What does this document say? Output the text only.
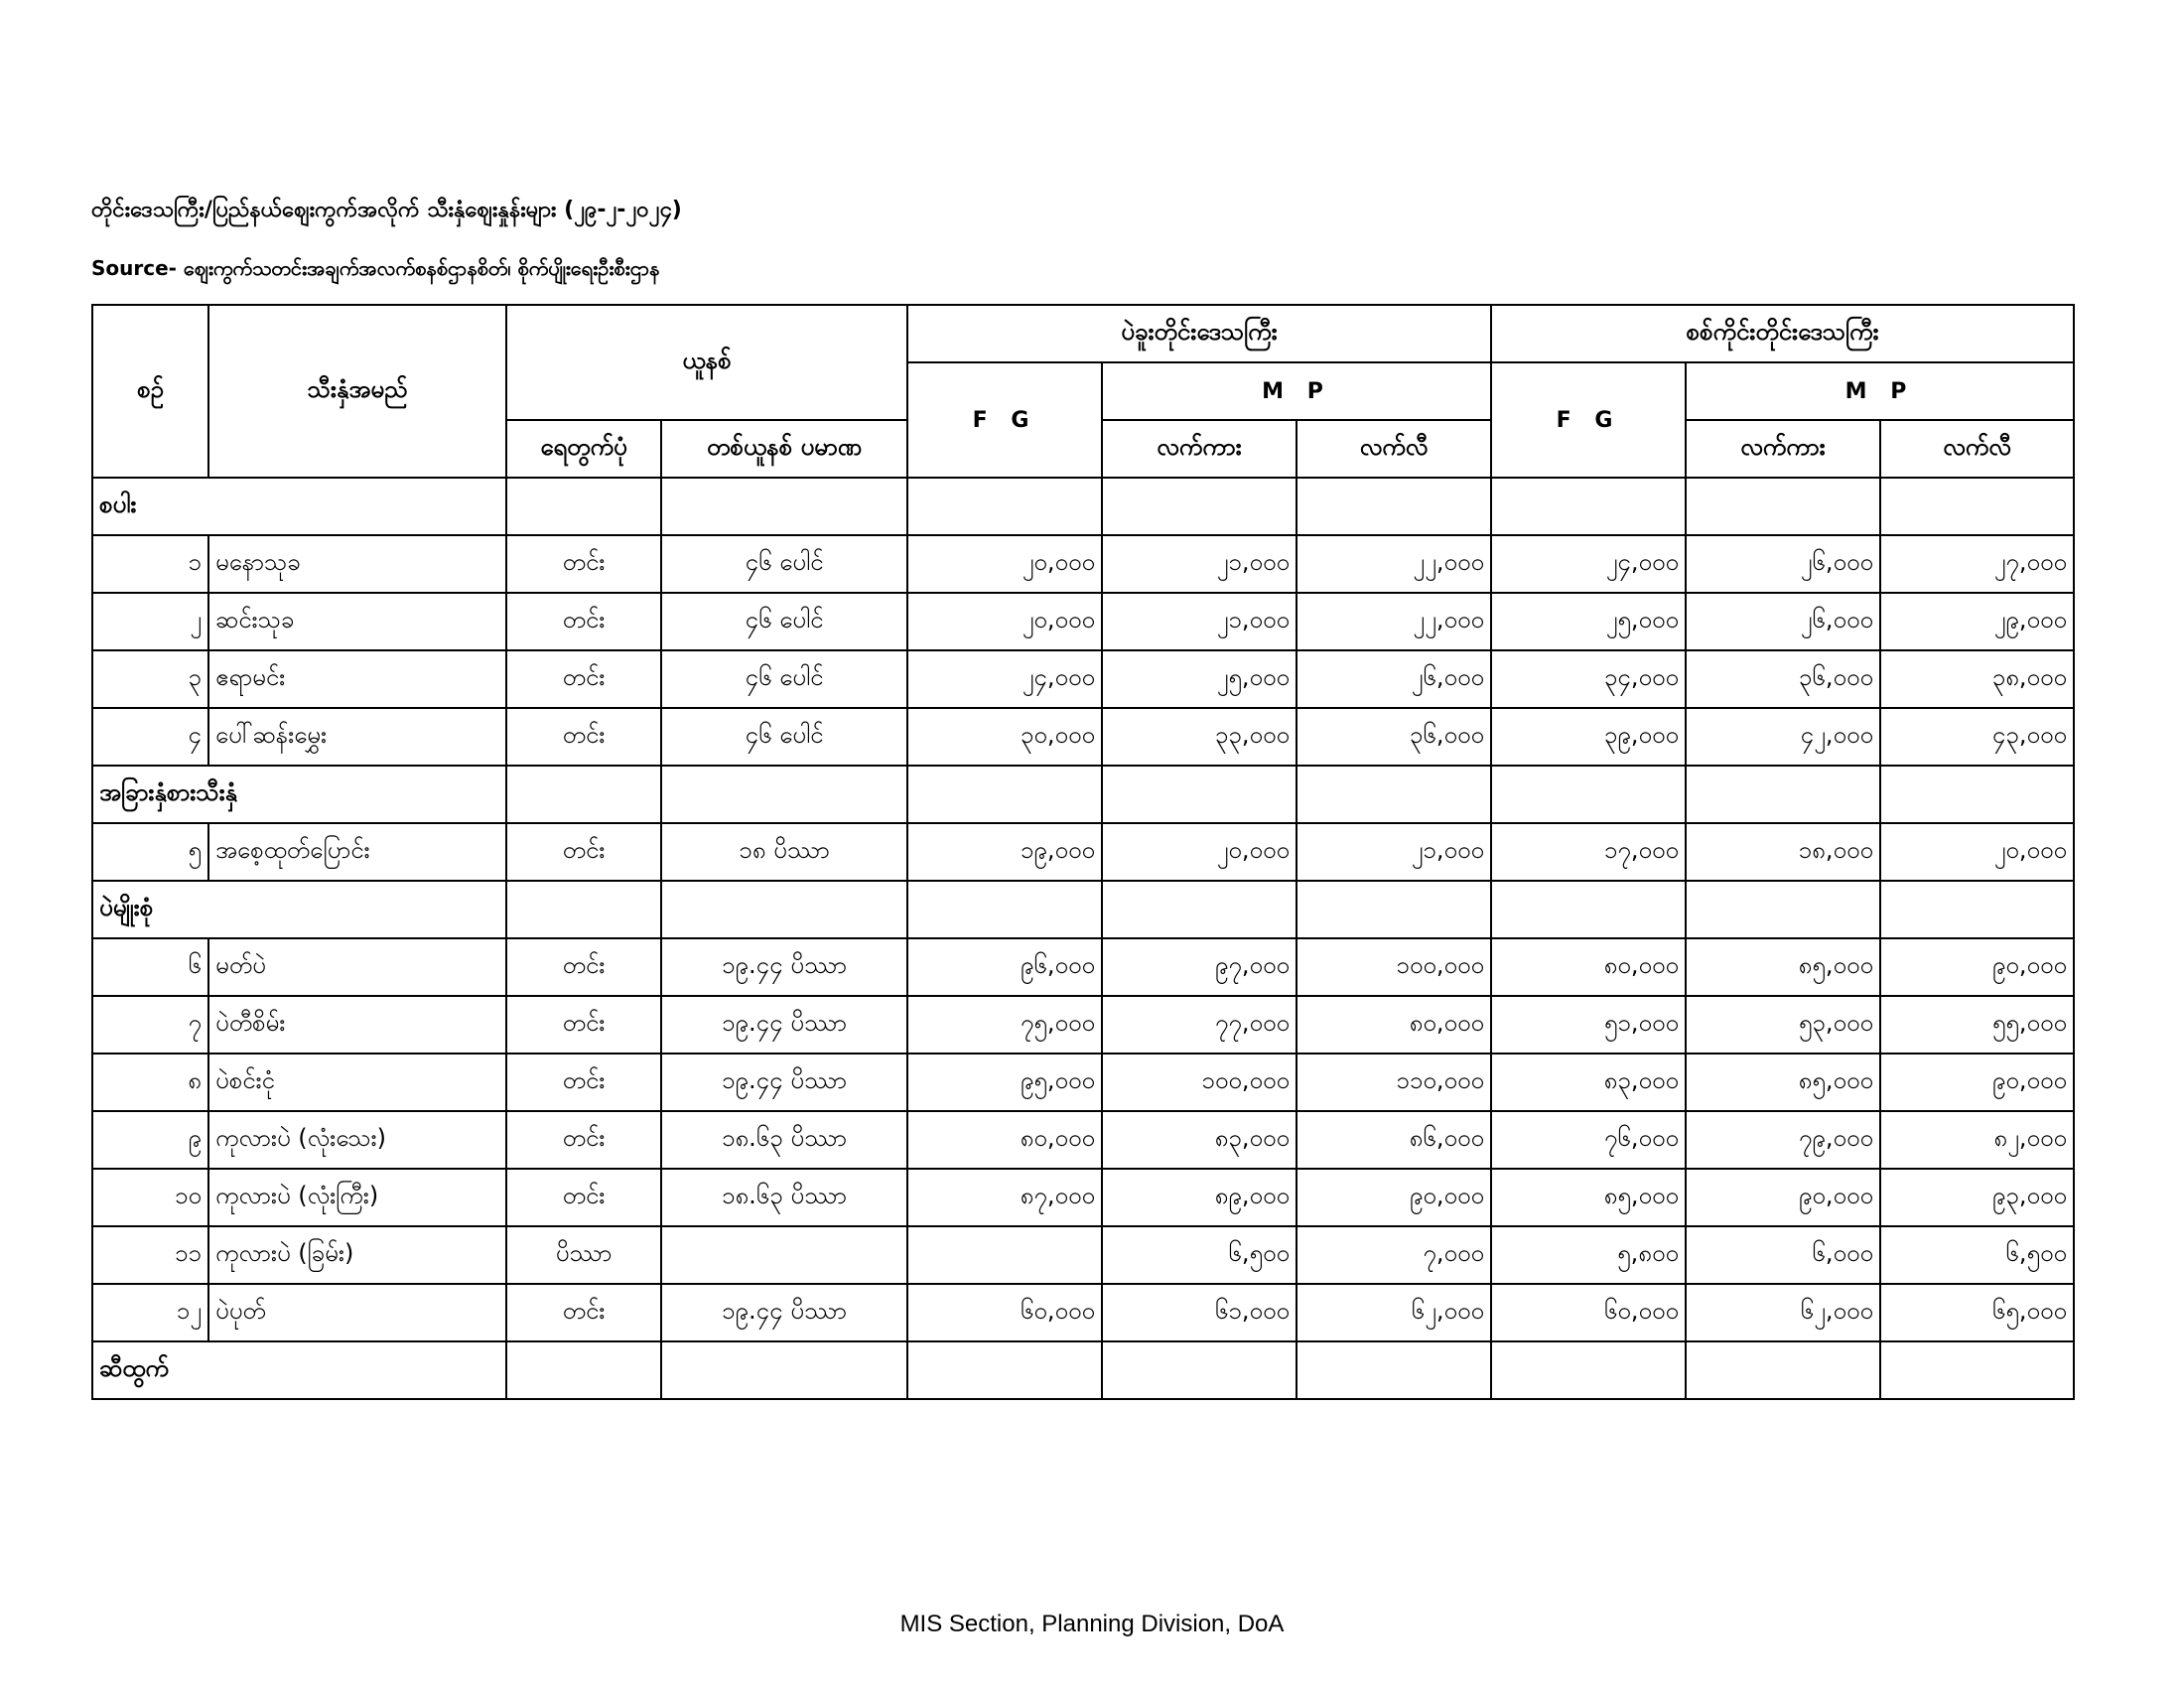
တိုင်းဒေသကြီး/ပြည်နယ်ဈေးကွက်အလိုက် သီးနှံဈေးနှုန်းများ (၂၉-၂-၂၀၂၄)
Source- ဈေးကွက်သတင်းအချက်အလက်စနစ်ဌာနစိတ်၊ စိုက်ပျိုးရေးဦးစီးဌာန
စဉ်	သီးနှံအမည်	ယူနစ်		ပဲခူးတိုင်းဒေသကြီး			စစ်ကိုင်းတိုင်းဒေသကြီး		
				F G	M P		F G	M P	
		ရေတွက်ပုံ	တစ်ယူနစ် ပမာဏ		လက်ကား	လက်လီ		လက်ကား	လက်လီ
စပါး									
၁	မနောသုခ	တင်း	၄၆ ပေါင်	၂၀,၀၀၀	၂၁,၀၀၀	၂၂,၀၀၀	၂၄,၀၀၀	၂၆,၀၀၀	၂၇,၀၀၀
၂	ဆင်းသုခ	တင်း	၄၆ ပေါင်	၂၀,၀၀၀	၂၁,၀၀၀	၂၂,၀၀၀	၂၅,၀၀၀	၂၆,၀၀၀	၂၉,၀၀၀
၃	ဧရာမင်း	တင်း	၄၆ ပေါင်	၂၄,၀၀၀	၂၅,၀၀၀	၂၆,၀၀၀	၃၄,၀၀၀	၃၆,၀၀၀	၃၈,၀၀၀
၄	ပေါ်ဆန်းမွှေး	တင်း	၄၆ ပေါင်	၃၀,၀၀၀	၃၃,၀၀၀	၃၆,၀၀၀	၃၉,၀၀၀	၄၂,၀၀၀	၄၃,၀၀၀
အခြားနှံစားသီးနှံ									
၅	အစေ့ထုတ်ပြောင်း	တင်း	၁၈ ပိဿာ	၁၉,၀၀၀	၂၀,၀၀၀	၂၁,၀၀၀	၁၇,၀၀၀	၁၈,၀၀၀	၂၀,၀၀၀
ပဲမျိုးစုံ									
၆	မတ်ပဲ	တင်း	၁၉.၄၄ ပိဿာ	၉၆,၀၀၀	၉၇,၀၀၀	၁၀၀,၀၀၀	၈၀,၀၀၀	၈၅,၀၀၀	၉၀,၀၀၀
၇	ပဲတီစိမ်း	တင်း	၁၉.၄၄ ပိဿာ	၇၅,၀၀၀	၇၇,၀၀၀	၈၀,၀၀၀	၅၁,၀၀၀	၅၃,၀၀၀	၅၅,၀၀၀
၈	ပဲစင်းငုံ	တင်း	၁၉.၄၄ ပိဿာ	၉၅,၀၀၀	၁၀၀,၀၀၀	၁၁၀,၀၀၀	၈၃,၀၀၀	၈၅,၀၀၀	၉၀,၀၀၀
၉	ကုလားပဲ (လုံးသေး)	တင်း	၁၈.၆၃ ပိဿာ	၈၀,၀၀၀	၈၃,၀၀၀	၈၆,၀၀၀	၇၆,၀၀၀	၇၉,၀၀၀	၈၂,၀၀၀
၁၀	ကုလားပဲ (လုံးကြီး)	တင်း	၁၈.၆၃ ပိဿာ	၈၇,၀၀၀	၈၉,၀၀၀	၉၀,၀၀၀	၈၅,၀၀၀	၉၀,၀၀၀	၉၃,၀၀၀
၁၁	ကုလားပဲ (ခြမ်း)	ပိဿာ			၆,၅၀၀	၇,၀၀၀	၅,၈၀၀	၆,၀၀၀	၆,၅၀၀
၁၂	ပဲပုတ်	တင်း	၁၉.၄၄ ပိဿာ	၆၀,၀၀၀	၆၁,၀၀၀	၆၂,၀၀၀	၆၀,၀၀၀	၆၂,၀၀၀	၆၅,၀၀၀
ဆီထွက်									
MIS Section, Planning Division, DoA
